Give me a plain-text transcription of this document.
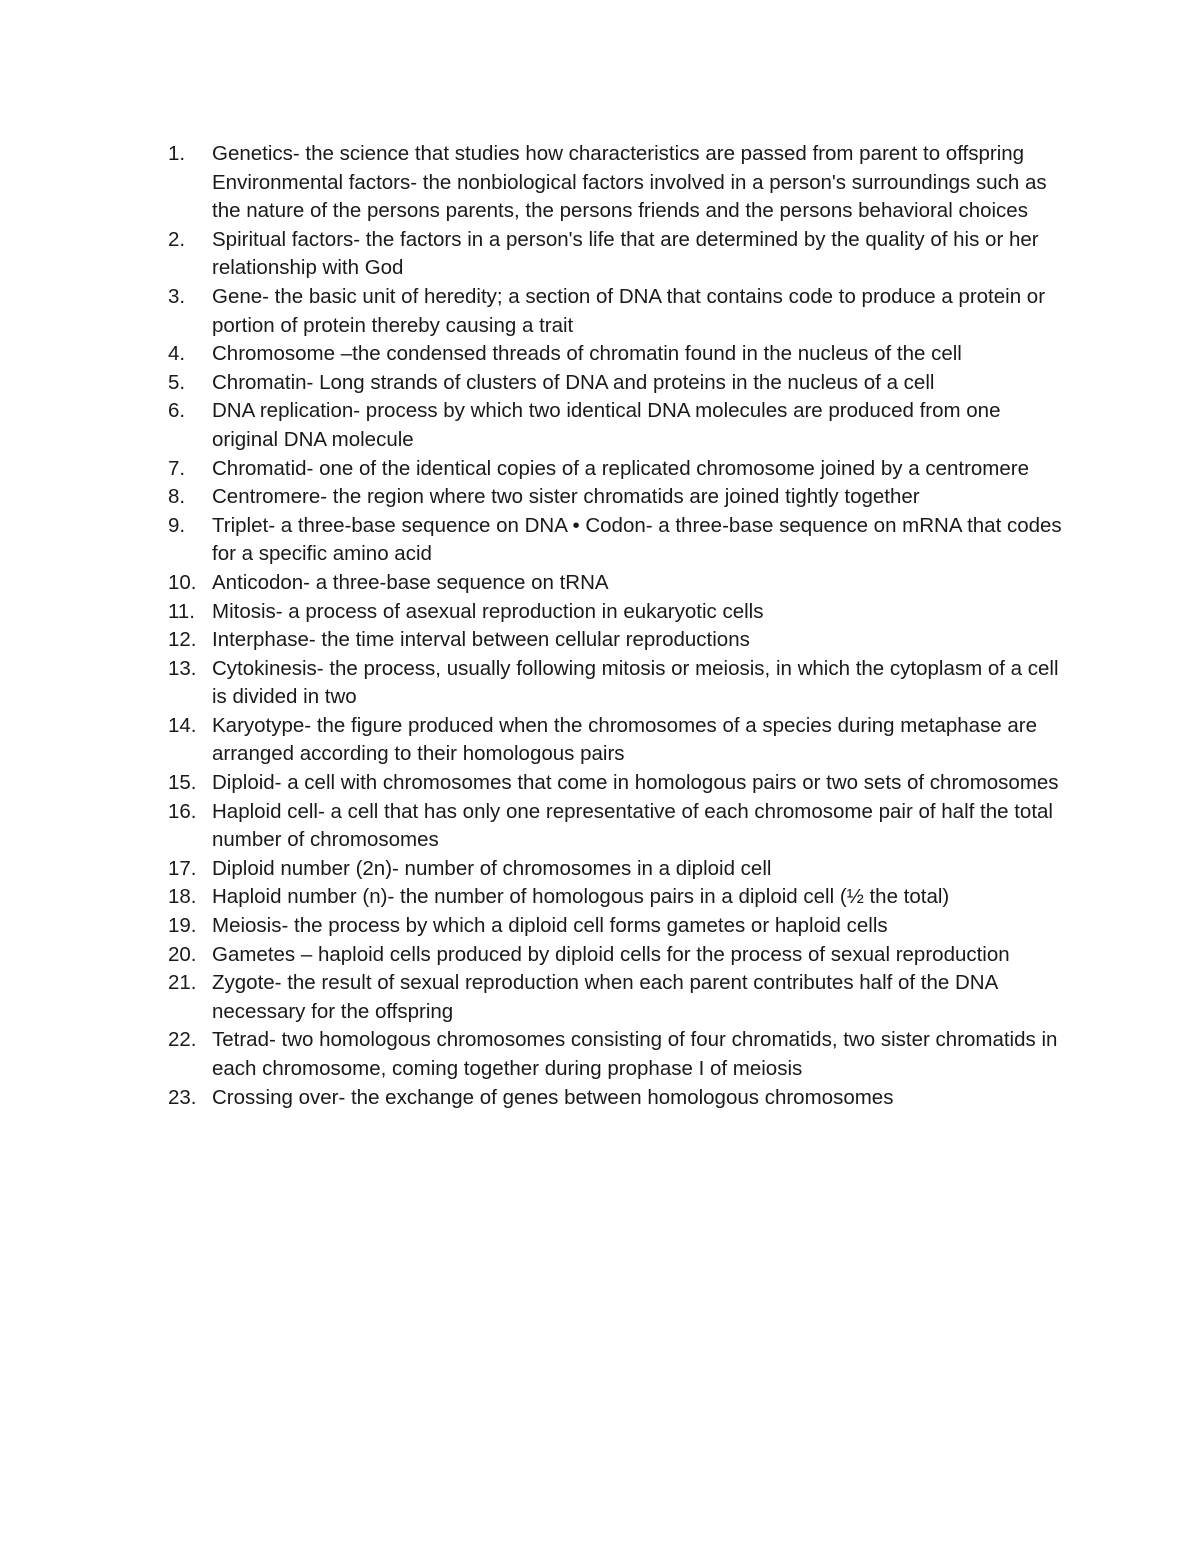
1.	Genetics- the science that studies how characteristics are passed from parent to offspring Environmental factors- the nonbiological factors involved in a person's surroundings such as the nature of the persons parents, the persons friends and the persons behavioral choices
2.	Spiritual factors- the factors in a person's life that are determined by the quality of his or her relationship with God
3.	Gene- the basic unit of heredity; a section of DNA that contains code to produce a protein or portion of protein thereby causing a trait
4.	Chromosome –the condensed threads of chromatin found in the nucleus of the cell
5.	Chromatin- Long strands of clusters of DNA and proteins in the nucleus of a cell
6.	DNA replication- process by which two identical DNA molecules are produced from one original DNA molecule
7.	Chromatid- one of the identical copies of a replicated chromosome joined by a centromere
8.	Centromere- the region where two sister chromatids are joined tightly together
9.	Triplet- a three-base sequence on DNA • Codon- a three-base sequence on mRNA that codes for a specific amino acid
10. Anticodon- a three-base sequence on tRNA
11. Mitosis- a process of asexual reproduction in eukaryotic cells
12. Interphase- the time interval between cellular reproductions
13. Cytokinesis- the process, usually following mitosis or meiosis, in which the cytoplasm of a cell is divided in two
14. Karyotype- the figure produced when the chromosomes of a species during metaphase are arranged according to their homologous pairs
15. Diploid- a cell with chromosomes that come in homologous pairs or two sets of chromosomes
16. Haploid cell- a cell that has only one representative of each chromosome pair of half the total number of chromosomes
17. Diploid number (2n)- number of chromosomes in a diploid cell
18. Haploid number (n)- the number of homologous pairs in a diploid cell (½ the total)
19. Meiosis- the process by which a diploid cell forms gametes or haploid cells
20. Gametes – haploid cells produced by diploid cells for the process of sexual reproduction
21. Zygote- the result of sexual reproduction when each parent contributes half of the DNA necessary for the offspring
22. Tetrad- two homologous chromosomes consisting of four chromatids, two sister chromatids in each chromosome, coming together during prophase I of meiosis
23. Crossing over- the exchange of genes between homologous chromosomes
